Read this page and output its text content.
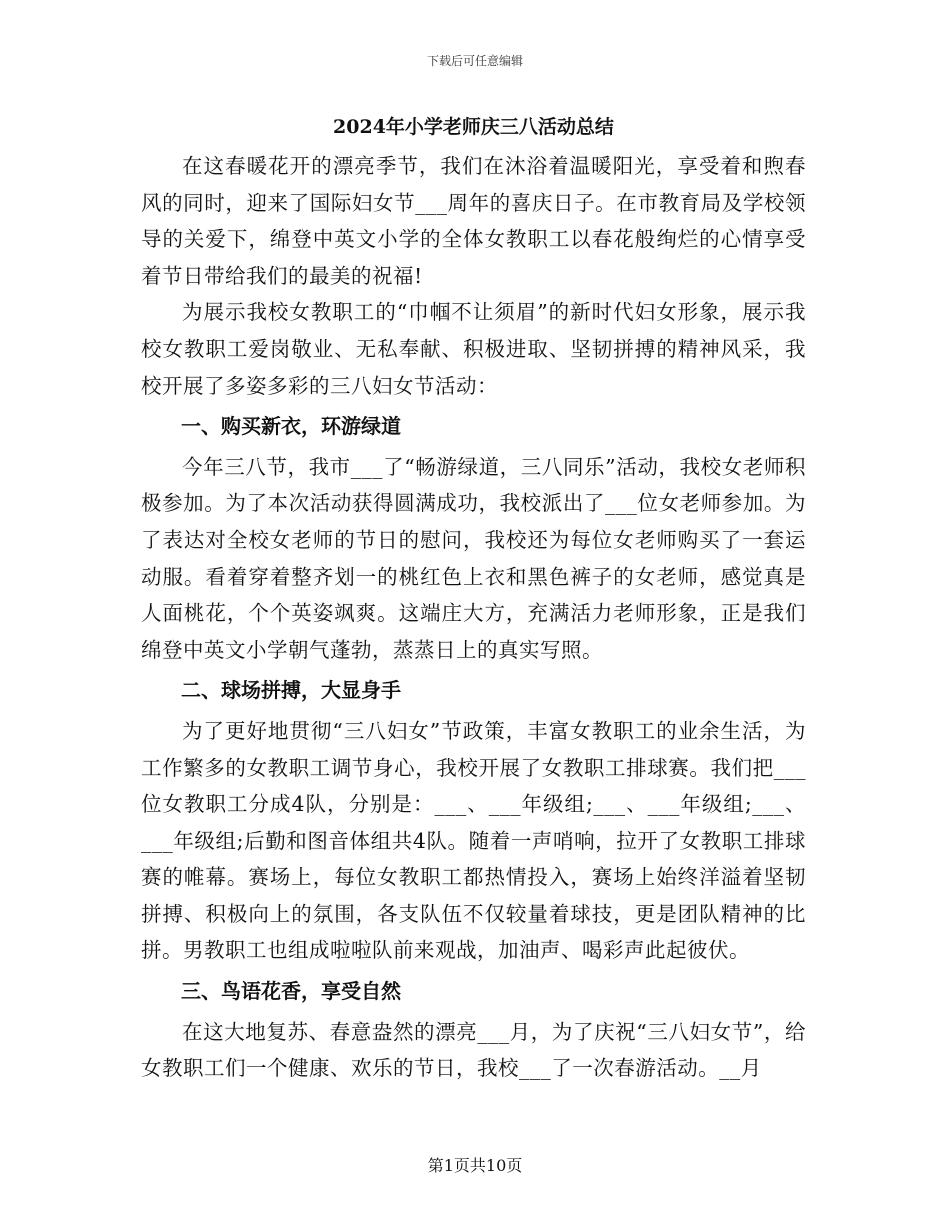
下载后可任意编辑
2024年小学老师庆三八活动总结

在这春暖花开的漂亮季节，我们在沐浴着温暖阳光，享受着和煦春风的同时，迎来了国际妇女节___周年的喜庆日子。在市教育局及学校领导的关爱下，绵登中英文小学的全体女教职工以春花般绚烂的心情享受着节日带给我们的最美的祝福!

为展示我校女教职工的“巾帼不让须眉”的新时代妇女形象，展示我校女教职工爱岗敬业、无私奉献、积极进取、坚韧拼搏的精神风采，我校开展了多姿多彩的三八妇女节活动：

一、购买新衣，环游绿道

今年三八节，我市___了“畅游绿道，三八同乐”活动，我校女老师积极参加。为了本次活动获得圆满成功，我校派出了___位女老师参加。为了表达对全校女老师的节日的慰问，我校还为每位女老师购买了一套运动服。看着穿着整齐划一的桃红色上衣和黑色裤子的女老师，感觉真是人面桃花，个个英姿飒爽。这端庄大方，充满活力老师形象，正是我们绵登中英文小学朝气蓬勃，蒸蒸日上的真实写照。

二、球场拼搏，大显身手

为了更好地贯彻“三八妇女”节政策，丰富女教职工的业余生活，为工作繁多的女教职工调节身心，我校开展了女教职工排球赛。我们把___位女教职工分成4队，分别是：___、___年级组;___、___年级组;___、___年级组;后勤和图音体组共4队。随着一声哨响，拉开了女教职工排球赛的帷幕。赛场上，每位女教职工都热情投入，赛场上始终洋溢着坚韧拼搏、积极向上的氛围，各支队伍不仅较量着球技，更是团队精神的比拼。男教职工也组成啦啦队前来观战，加油声、喝彩声此起彼伏。

三、鸟语花香，享受自然

在这大地复苏、春意盎然的漂亮___月，为了庆祝“三八妇女节”，给女教职工们一个健康、欢乐的节日，我校___了一次春游活动。__月

第1页共10页
